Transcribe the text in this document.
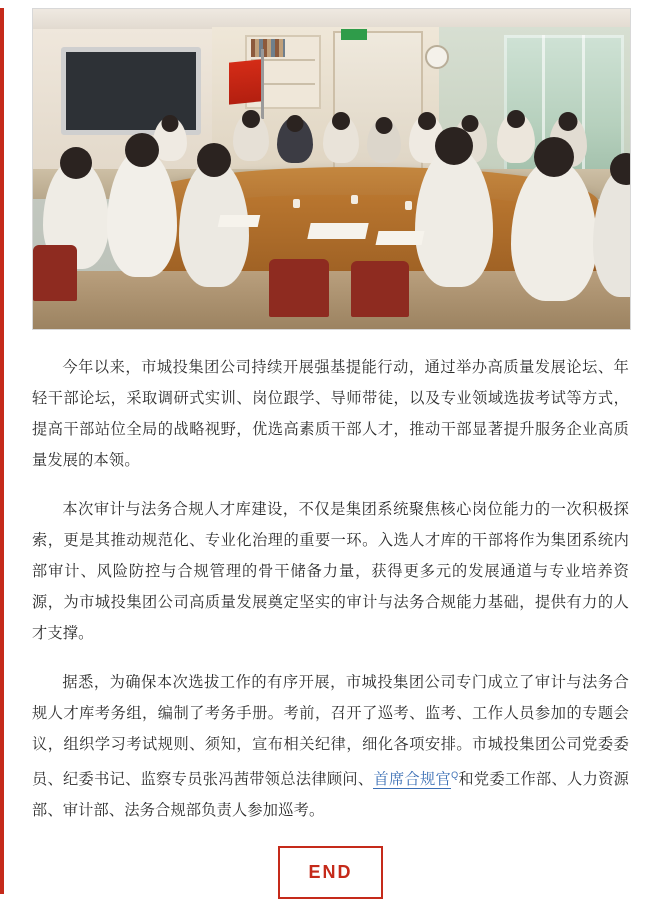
今年以来，市城投集团公司持续开展强基提能行动，通过举办高质量发展论坛、年轻干部论坛，采取调研式实训、岗位跟学、导师带徒，以及专业领域选拔考试等方式，提高干部站位全局的战略视野，优选高素质干部人才，推动干部显著提升服务企业高质量发展的本领。

本次审计与法务合规人才库建设，不仅是集团系统聚焦核心岗位能力的一次积极探索，更是其推动规范化、专业化治理的重要一环。入选人才库的干部将作为集团系统内部审计、风险防控与合规管理的骨干储备力量，获得更多元的发展通道与专业培养资源，为市城投集团公司高质量发展奠定坚实的审计与法务合规能力基础，提供有力的人才支撑。

据悉，为确保本次选拔工作的有序开展，市城投集团公司专门成立了审计与法务合规人才库考务组，编制了考务手册。考前，召开了巡考、监考、工作人员参加的专题会议，组织学习考试规则、须知，宣布相关纪律，细化各项安排。市城投集团公司党委委员、纪委书记、监察专员张冯茜带领总法律顾问、首席合规官$^Q$和党委工作部、人力资源部、审计部、法务合规部负责人参加巡考。

END
